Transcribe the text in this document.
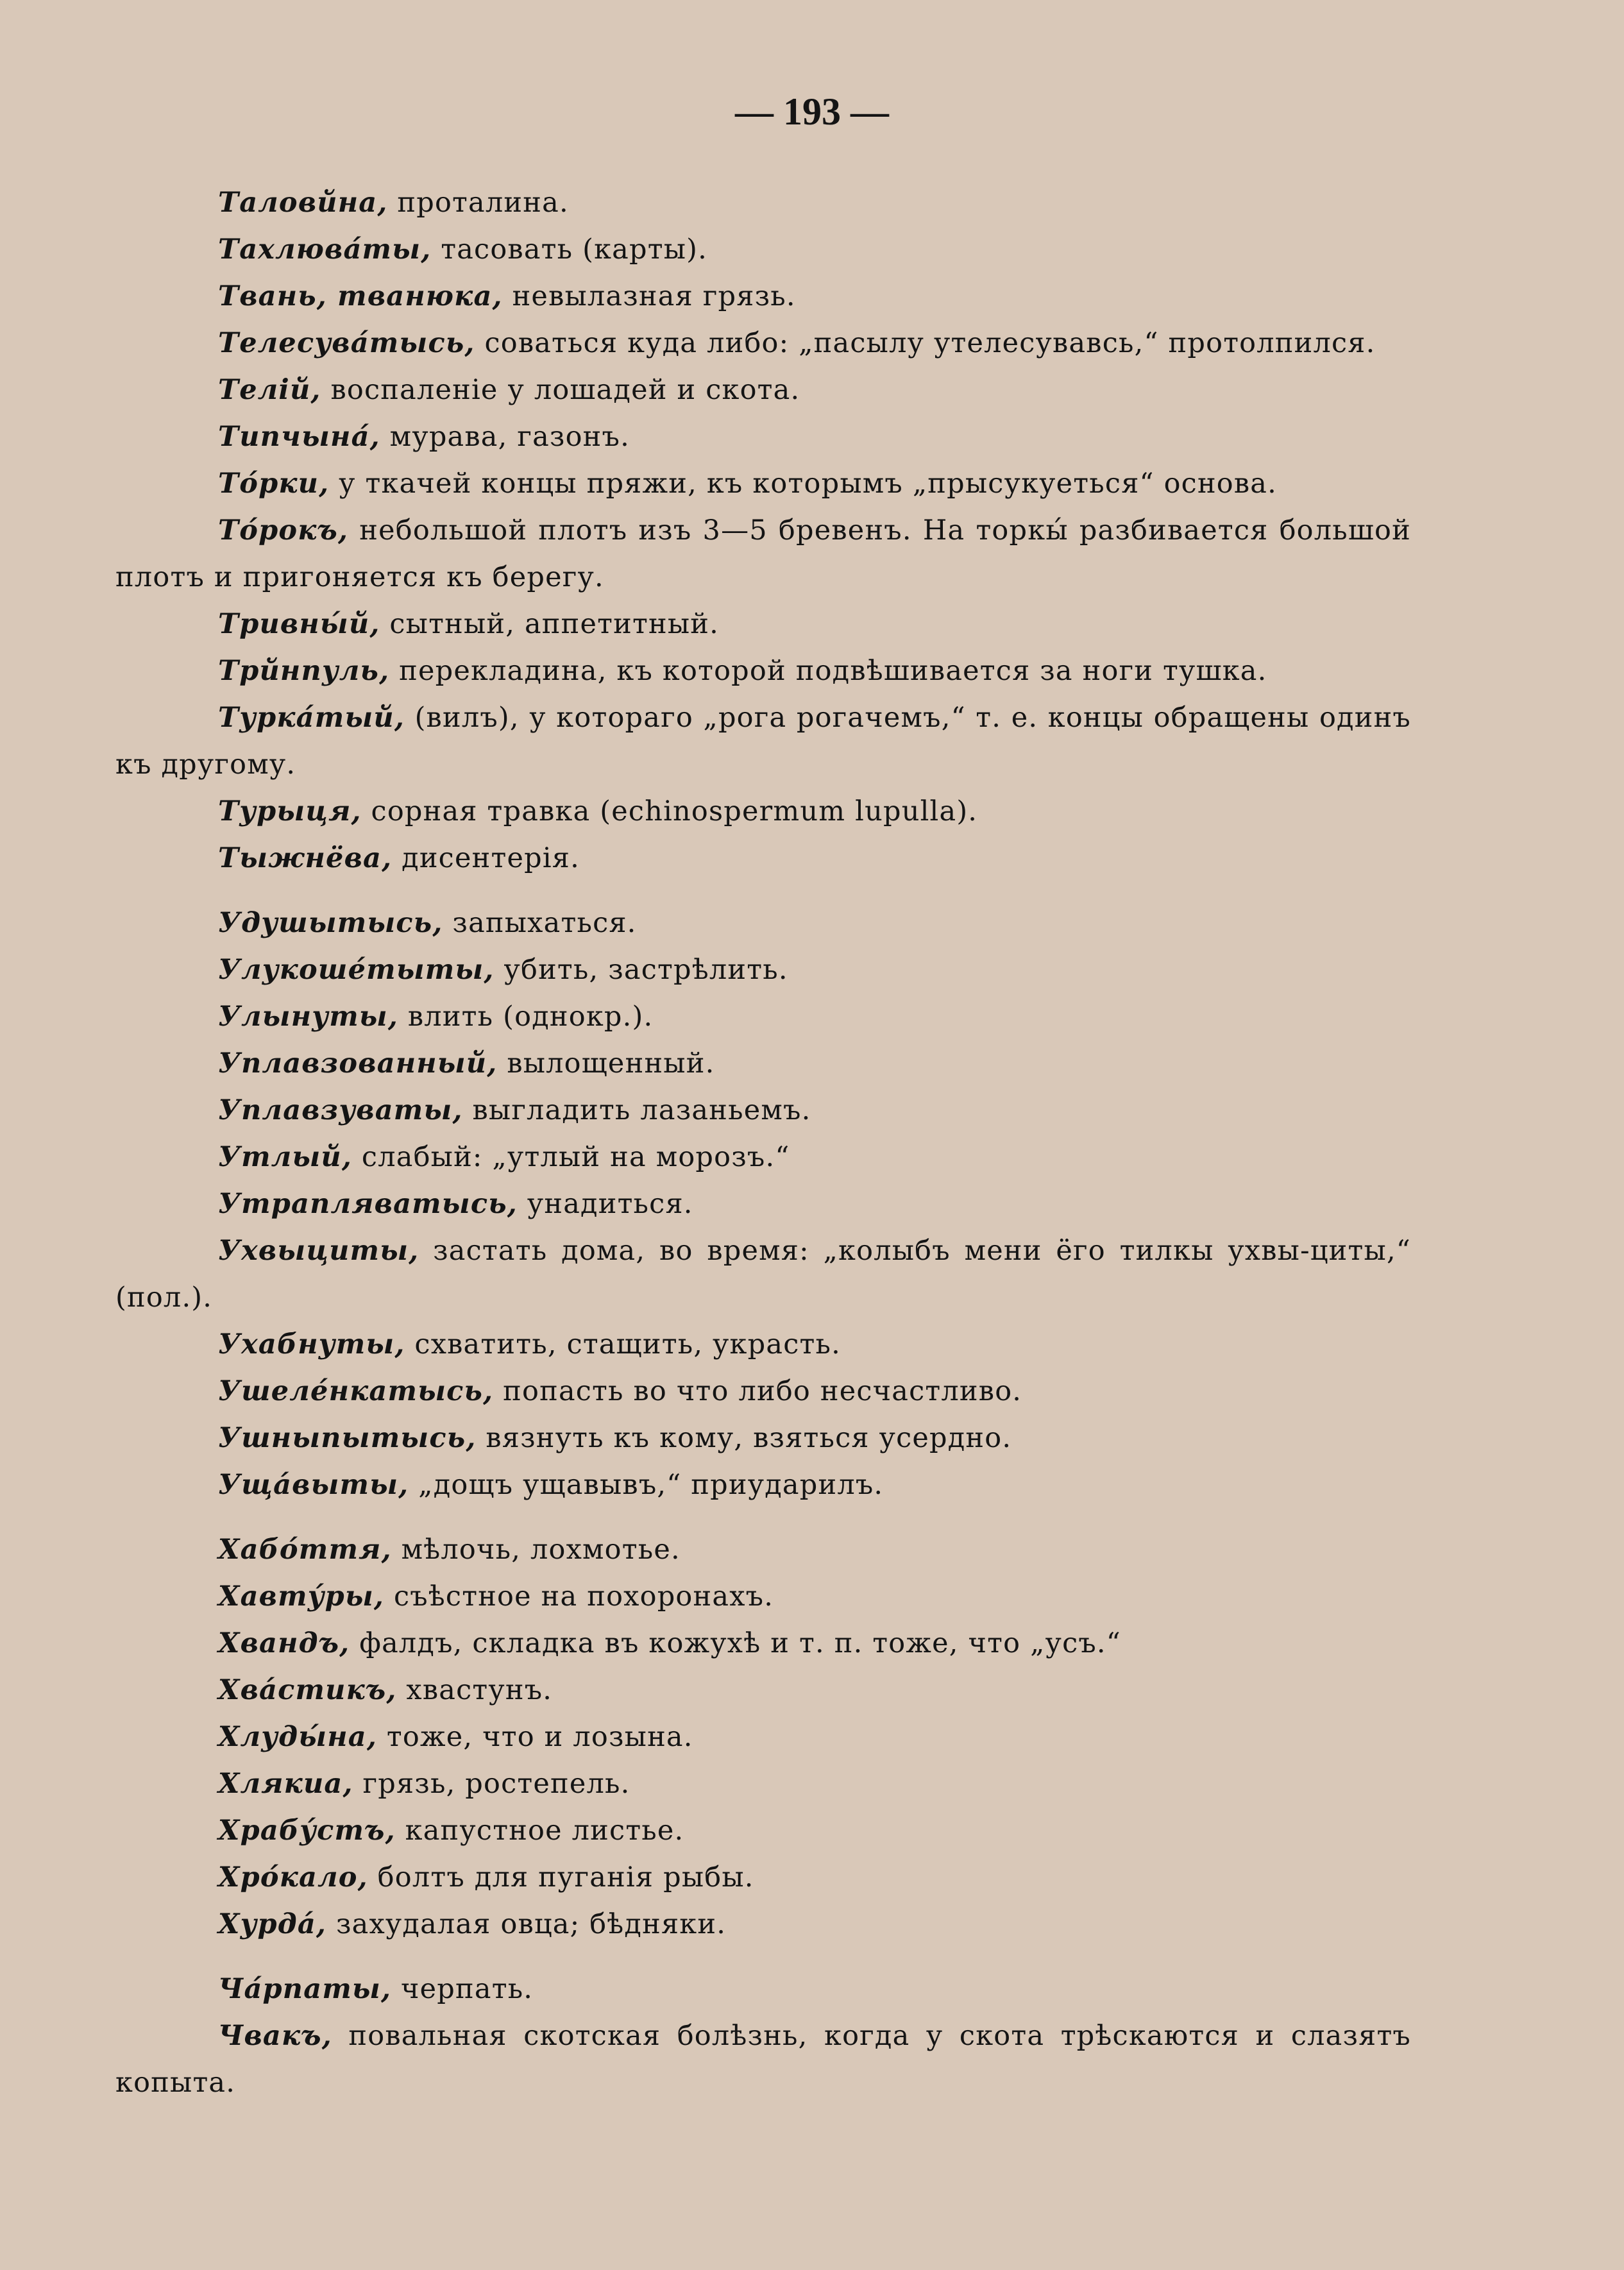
— 193 —

Таловйна, проталина.

Тахлюва́ты, тасовать (карты).

Твань, тванюка, невылазная грязь.

Телесува́тысь, соваться куда либо: „пасылу утелесувавсь,“ протолпился.

Телій, воспаленіе у лошадей и скота.

Типчына́, мурава, газонъ.

То́рки, у ткачей концы пряжи, къ которымъ „прысукуеться“ основа.

То́рокъ, небольшой плотъ изъ 3—5 бревенъ. На торкы́ разбивается большой плотъ и пригоняется къ берегу.

Тривны́й, сытный, аппетитный.

Трйнпуль, перекладина, къ которой подвѣшивается за ноги тушка.

Турка́тый, (вилъ), у котораго „рога рогачемъ,“ т. е. концы обращены одинъ къ другому.

Турыця, сорная травка (echinospermum lupulla).

Тыжнёва, дисентерія.

Удушытысь, запыхаться.

Улукоше́тыты, убить, застрѣлить.

Улынуты, влить (однокр.).

Уплавзованный, вылощенный.

Уплавзуваты, выгладить лазаньемъ.

Утлый, слабый: „утлый на морозъ.“

Утрапляватысь, унадиться.

Ухвыциты, застать дома, во время: „колыбъ мени ёго тилкы ухвы-циты,“ (пол.).

Ухабнуты, схватить, стащить, украсть.

Ушеле́нкатысь, попасть во что либо несчастливо.

Ушныпытысь, вязнуть къ кому, взяться усердно.

Ущáвыты, „дощъ ущавывъ,“ приударилъ.

Хабо́ття, мѣлочь, лохмотье.

Хавту́ры, съѣстное на похоронахъ.

Хвандъ, фалдъ, складка въ кожухѣ и т. п. тоже, что „усъ.“

Хвáстикъ, хвастунъ.

Хлуды́на, тоже, что и лозына.

Хлякиа, грязь, ростепель.

Храбу́стъ, капустное листье.

Хро́кало, болтъ для пуганія рыбы.

Хурдá, захудалая овца; бѣдняки.

Ча́рпаты, черпать.

Чвакъ, повальная скотская болѣзнь, когда у скота трѣскаются и слазятъ копыта.
